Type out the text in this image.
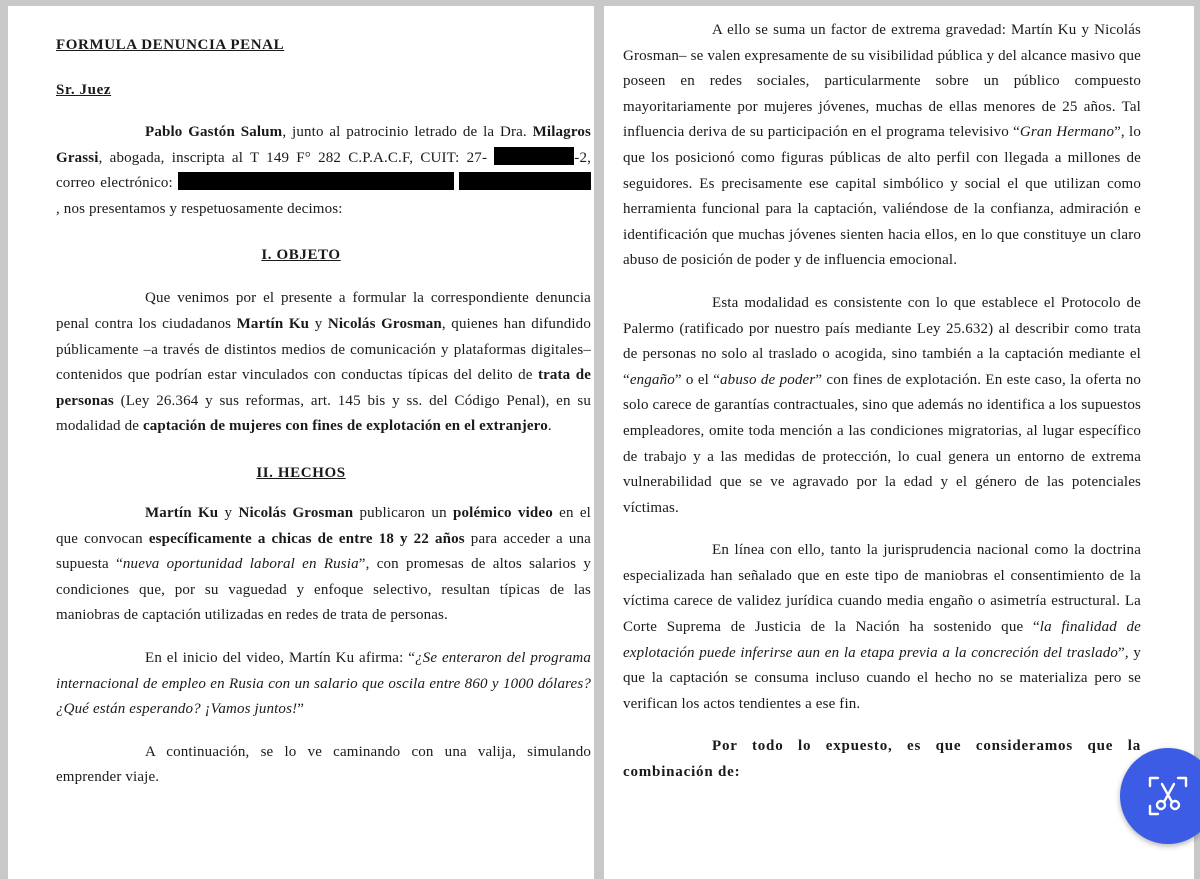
FORMULA DENUNCIA PENAL
Sr. Juez

Pablo Gastón Salum, junto al patrocinio letrado de la Dra. Milagros Grassi, abogada, inscripta al T 149 F° 282 C.P.A.C.F, CUIT: 27-	-2, correo electrónico:  , nos presentamos y respetuosamente decimos:

I. OBJETO

Que venimos por el presente a formular la correspondiente denuncia penal contra los ciudadanos Martín Ku y Nicolás Grosman, quienes han difundido públicamente –a través de distintos medios de comunicación y plataformas digitales– contenidos que podrían estar vinculados con conductas típicas del delito de trata de personas (Ley 26.364 y sus reformas, art. 145 bis y ss. del Código Penal), en su modalidad de captación de mujeres con fines de explotación en el extranjero.

II. HECHOS

Martín Ku y Nicolás Grosman publicaron un polémico video en el que convocan específicamente a chicas de entre 18 y 22 años para acceder a una supuesta “nueva oportunidad laboral en Rusia”, con promesas de altos salarios y condiciones que, por su vaguedad y enfoque selectivo, resultan típicas de las maniobras de captación utilizadas en redes de trata de personas.

En el inicio del video, Martín Ku afirma: “¿Se enteraron del programa internacional de empleo en Rusia con un salario que oscila entre 860 y 1000 dólares? ¿Qué están esperando? ¡Vamos juntos!”

A continuación, se lo ve caminando con una valija, simulando emprender viaje.

A ello se suma un factor de extrema gravedad: Martín Ku y Nicolás Grosman– se valen expresamente de su visibilidad pública y del alcance masivo que poseen en redes sociales, particularmente sobre un público compuesto mayoritariamente por mujeres jóvenes, muchas de ellas menores de 25 años. Tal influencia deriva de su participación en el programa televisivo “Gran Hermano”, lo que los posicionó como figuras públicas de alto perfil con llegada a millones de seguidores. Es precisamente ese capital simbólico y social el que utilizan como herramienta funcional para la captación, valiéndose de la confianza, admiración e identificación que muchas jóvenes sienten hacia ellos, en lo que constituye un claro abuso de posición de poder y de influencia emocional.

Esta modalidad es consistente con lo que establece el Protocolo de Palermo (ratificado por nuestro país mediante Ley 25.632) al describir como trata de personas no solo al traslado o acogida, sino también a la captación mediante el “engaño” o el “abuso de poder” con fines de explotación. En este caso, la oferta no solo carece de garantías contractuales, sino que además no identifica a los supuestos empleadores, omite toda mención a las condiciones migratorias, al lugar específico de trabajo y a las medidas de protección, lo cual genera un entorno de extrema vulnerabilidad que se ve agravado por la edad y el género de las potenciales víctimas.

En línea con ello, tanto la jurisprudencia nacional como la doctrina especializada han señalado que en este tipo de maniobras el consentimiento de la víctima carece de validez jurídica cuando media engaño o asimetría estructural. La Corte Suprema de Justicia de la Nación ha sostenido que “la finalidad de explotación puede inferirse aun en la etapa previa a la concreción del traslado”, y que la captación se consuma incluso cuando el hecho no se materializa pero se verifican los actos tendientes a ese fin.

Por todo lo expuesto, es que consideramos que la combinación de:
